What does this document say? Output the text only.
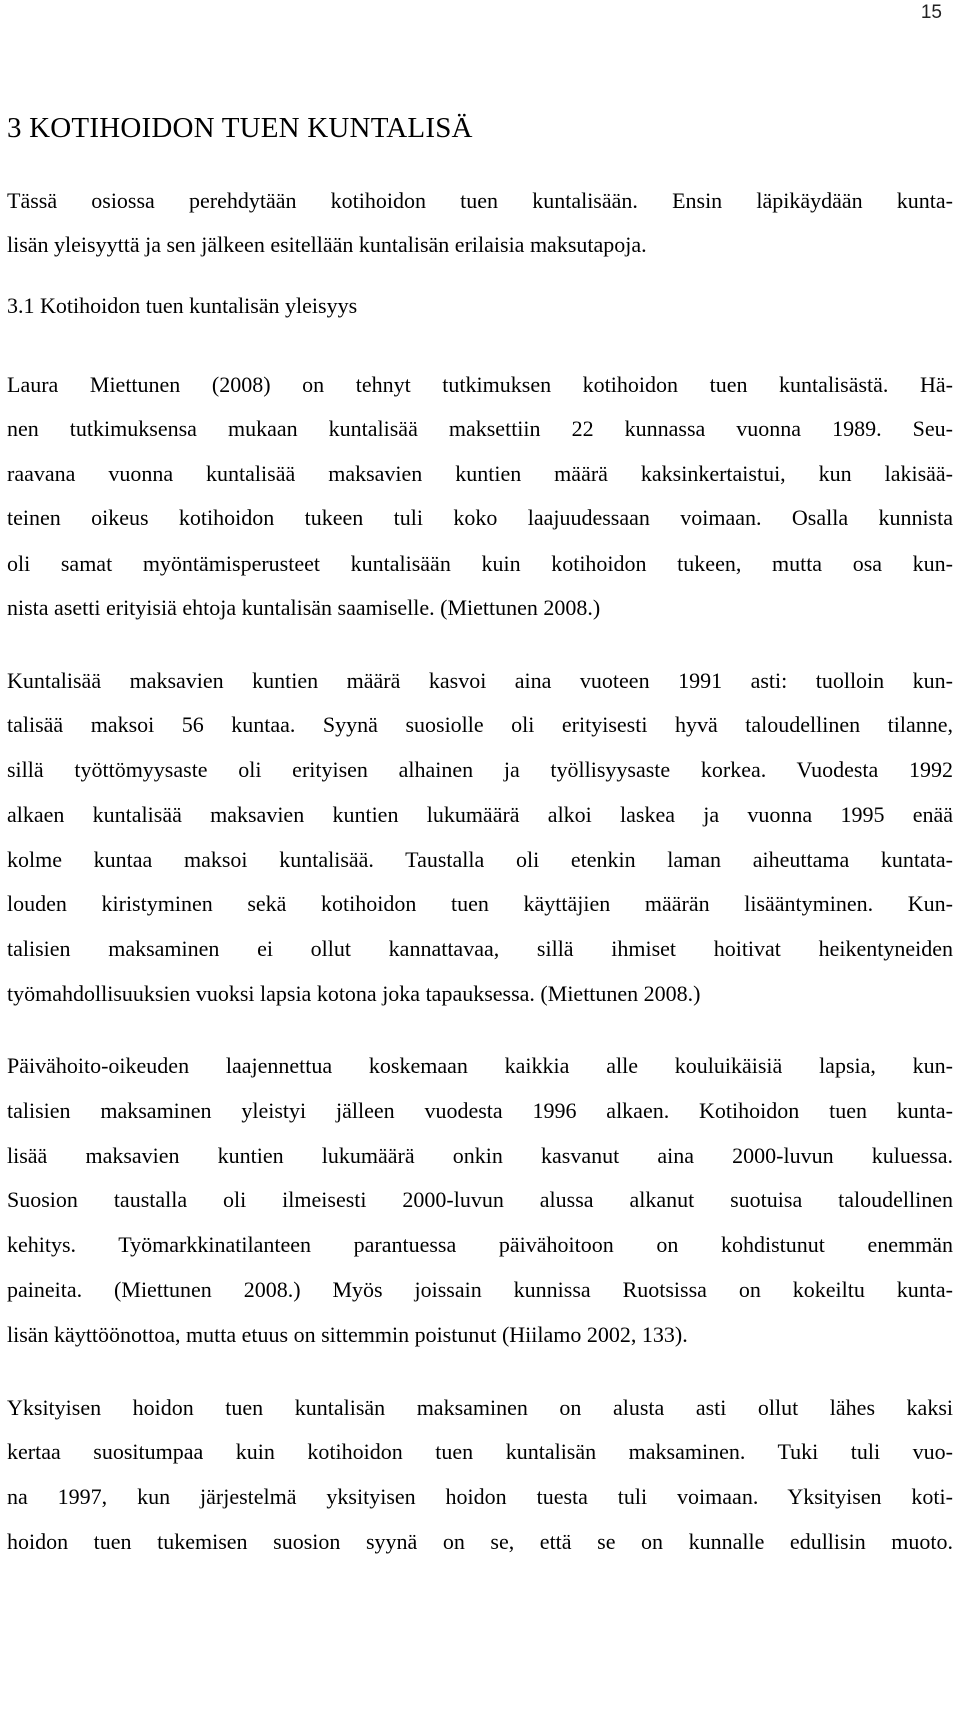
15
3 KOTIHOIDON TUEN KUNTALISÄ
Tässä osiossa perehdytään kotihoidon tuen kuntalisään. Ensin läpikäydään kunta-
lisän yleisyyttä ja sen jälkeen esitellään kuntalisän erilaisia maksutapoja.
3.1 Kotihoidon tuen kuntalisän yleisyys
Laura Miettunen (2008) on tehnyt tutkimuksen kotihoidon tuen kuntalisästä. Hä-
nen tutkimuksensa mukaan kuntalisää maksettiin 22 kunnassa vuonna 1989. Seu-
raavana vuonna kuntalisää maksavien kuntien määrä kaksinkertaistui, kun lakisää-
teinen oikeus kotihoidon tukeen tuli koko laajuudessaan voimaan. Osalla kunnista
oli samat myöntämisperusteet kuntalisään kuin kotihoidon tukeen, mutta osa kun-
nista asetti erityisiä ehtoja kuntalisän saamiselle. (Miettunen 2008.)
Kuntalisää maksavien kuntien määrä kasvoi aina vuoteen 1991 asti: tuolloin kun-
talisää maksoi 56 kuntaa. Syynä suosiolle oli erityisesti hyvä taloudellinen tilanne,
sillä työttömyysaste oli erityisen alhainen ja työllisyysaste korkea. Vuodesta 1992
alkaen kuntalisää maksavien kuntien lukumäärä alkoi laskea ja vuonna 1995 enää
kolme kuntaa maksoi kuntalisää. Taustalla oli etenkin laman aiheuttama kuntata-
louden kiristyminen sekä kotihoidon tuen käyttäjien määrän lisääntyminen. Kun-
talisien maksaminen ei ollut kannattavaa, sillä ihmiset hoitivat heikentyneiden
työmahdollisuuksien vuoksi lapsia kotona joka tapauksessa. (Miettunen 2008.)
Päivähoito-oikeuden laajennettua koskemaan kaikkia alle kouluikäisiä lapsia, kun-
talisien maksaminen yleistyi jälleen vuodesta 1996 alkaen. Kotihoidon tuen kunta-
lisää maksavien kuntien lukumäärä onkin kasvanut aina 2000-luvun kuluessa.
Suosion taustalla oli ilmeisesti 2000-luvun alussa alkanut suotuisa taloudellinen
kehitys. Työmarkkinatilanteen parantuessa päivähoitoon on kohdistunut enemmän
paineita. (Miettunen 2008.) Myös joissain kunnissa Ruotsissa on kokeiltu kunta-
lisän käyttöönottoa, mutta etuus on sittemmin poistunut (Hiilamo 2002, 133).
Yksityisen hoidon tuen kuntalisän maksaminen on alusta asti ollut lähes kaksi
kertaa suositumpaa kuin kotihoidon tuen kuntalisän maksaminen. Tuki tuli vuo-
na 1997, kun järjestelmä yksityisen hoidon tuesta tuli voimaan. Yksityisen koti-
hoidon tuen tukemisen suosion syynä on se, että se on kunnalle edullisin muoto.
